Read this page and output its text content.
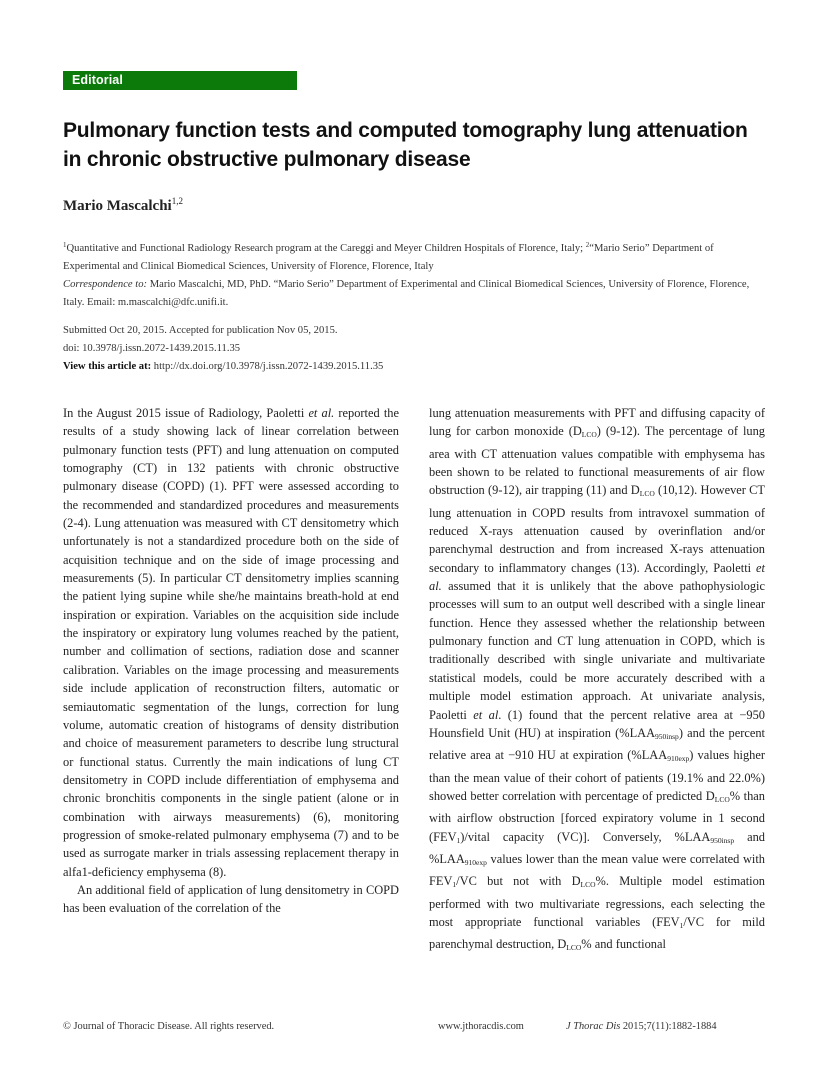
Editorial
Pulmonary function tests and computed tomography lung attenuation in chronic obstructive pulmonary disease
Mario Mascalchi$^{1,2}$
$^1$Quantitative and Functional Radiology Research program at the Careggi and Meyer Children Hospitals of Florence, Italy; $^2$“Mario Serio” Department of Experimental and Clinical Biomedical Sciences, University of Florence, Florence, Italy
Correspondence to: Mario Mascalchi, MD, PhD. “Mario Serio” Department of Experimental and Clinical Biomedical Sciences, University of Florence, Florence, Italy. Email: m.mascalchi@dfc.unifi.it.
Submitted Oct 20, 2015. Accepted for publication Nov 05, 2015.
doi: 10.3978/j.issn.2072-1439.2015.11.35
View this article at: http://dx.doi.org/10.3978/j.issn.2072-1439.2015.11.35

In the August 2015 issue of Radiology, Paoletti et al. reported the results of a study showing lack of linear correlation between pulmonary function tests (PFT) and lung attenuation on computed tomography (CT) in 132 patients with chronic obstructive pulmonary disease (COPD) (1). PFT were assessed according to the recommended and standardized procedures and measurements (2-4). Lung attenuation was measured with CT densitometry which unfortunately is not a standardized procedure both on the side of acquisition technique and on the side of image processing and measurements (5). In particular CT densitometry implies scanning the patient lying supine while she/he maintains breath-hold at end inspiration or expiration. Variables on the acquisition side include the inspiratory or expiratory lung volumes reached by the patient, number and collimation of sections, radiation dose and scanner calibration. Variables on the image processing and measurements side include application of reconstruction filters, automatic or semiautomatic segmentation of the lungs, correction for lung volume, automatic creation of histograms of density distribution and choice of measurement parameters to describe lung structural or functional status. Currently the main indications of lung CT densitometry in COPD include differentiation of emphysema and chronic bronchitis components in the single patient (alone or in combination with airways measurements) (6), monitoring progression of smoke-related pulmonary emphysema (7) and to be used as surrogate marker in trials assessing replacement therapy in alfa1-deficiency emphysema (8).

An additional field of application of lung densitometry in COPD has been evaluation of the correlation of the

lung attenuation measurements with PFT and diffusing capacity of lung for carbon monoxide $(D_{LCO})$ (9-12). The percentage of lung area with CT attenuation values compatible with emphysema has been shown to be related to functional measurements of air flow obstruction (9-12), air trapping (11) and $D_{LCO}$ (10,12). However CT lung attenuation in COPD results from intravoxel summation of reduced X-rays attenuation caused by overinflation and/or parenchymal destruction and from increased X-rays attenuation secondary to inflammatory changes (13). Accordingly, Paoletti et al. assumed that it is unlikely that the above pathophysiologic processes will sum to an output well described with a single linear function. Hence they assessed whether the relationship between pulmonary function and CT lung attenuation in COPD, which is traditionally described with single univariate and multivariate statistical models, could be more accurately described with a multiple model estimation approach. At univariate analysis, Paoletti et al. (1) found that the percent relative area at −950 Hounsfield Unit (HU) at inspiration $(\%LAA_{950insp})$ and the percent relative area at −910 HU at expiration $(\%LAA_{910exp})$ values higher than the mean value of their cohort of patients (19.1% and 22.0%) showed better correlation with percentage of predicted $D_{LCO}\%$ than with airflow obstruction [forced expiratory volume in 1 second $(FEV_1)$/vital capacity (VC)]. Conversely, $\%LAA_{950insp}$ and $\%LAA_{910exp}$ values lower than the mean value were correlated with $FEV_1/VC$ but not with $D_{LCO}\%$. Multiple model estimation performed with two multivariate regressions, each selecting the most appropriate functional variables ($FEV_1/VC$ for mild parenchymal destruction, $D_{LCO}\%$ and functional

© Journal of Thoracic Disease. All rights reserved.	www.jthoracdis.com	J Thorac Dis 2015;7(11):1882-1884
